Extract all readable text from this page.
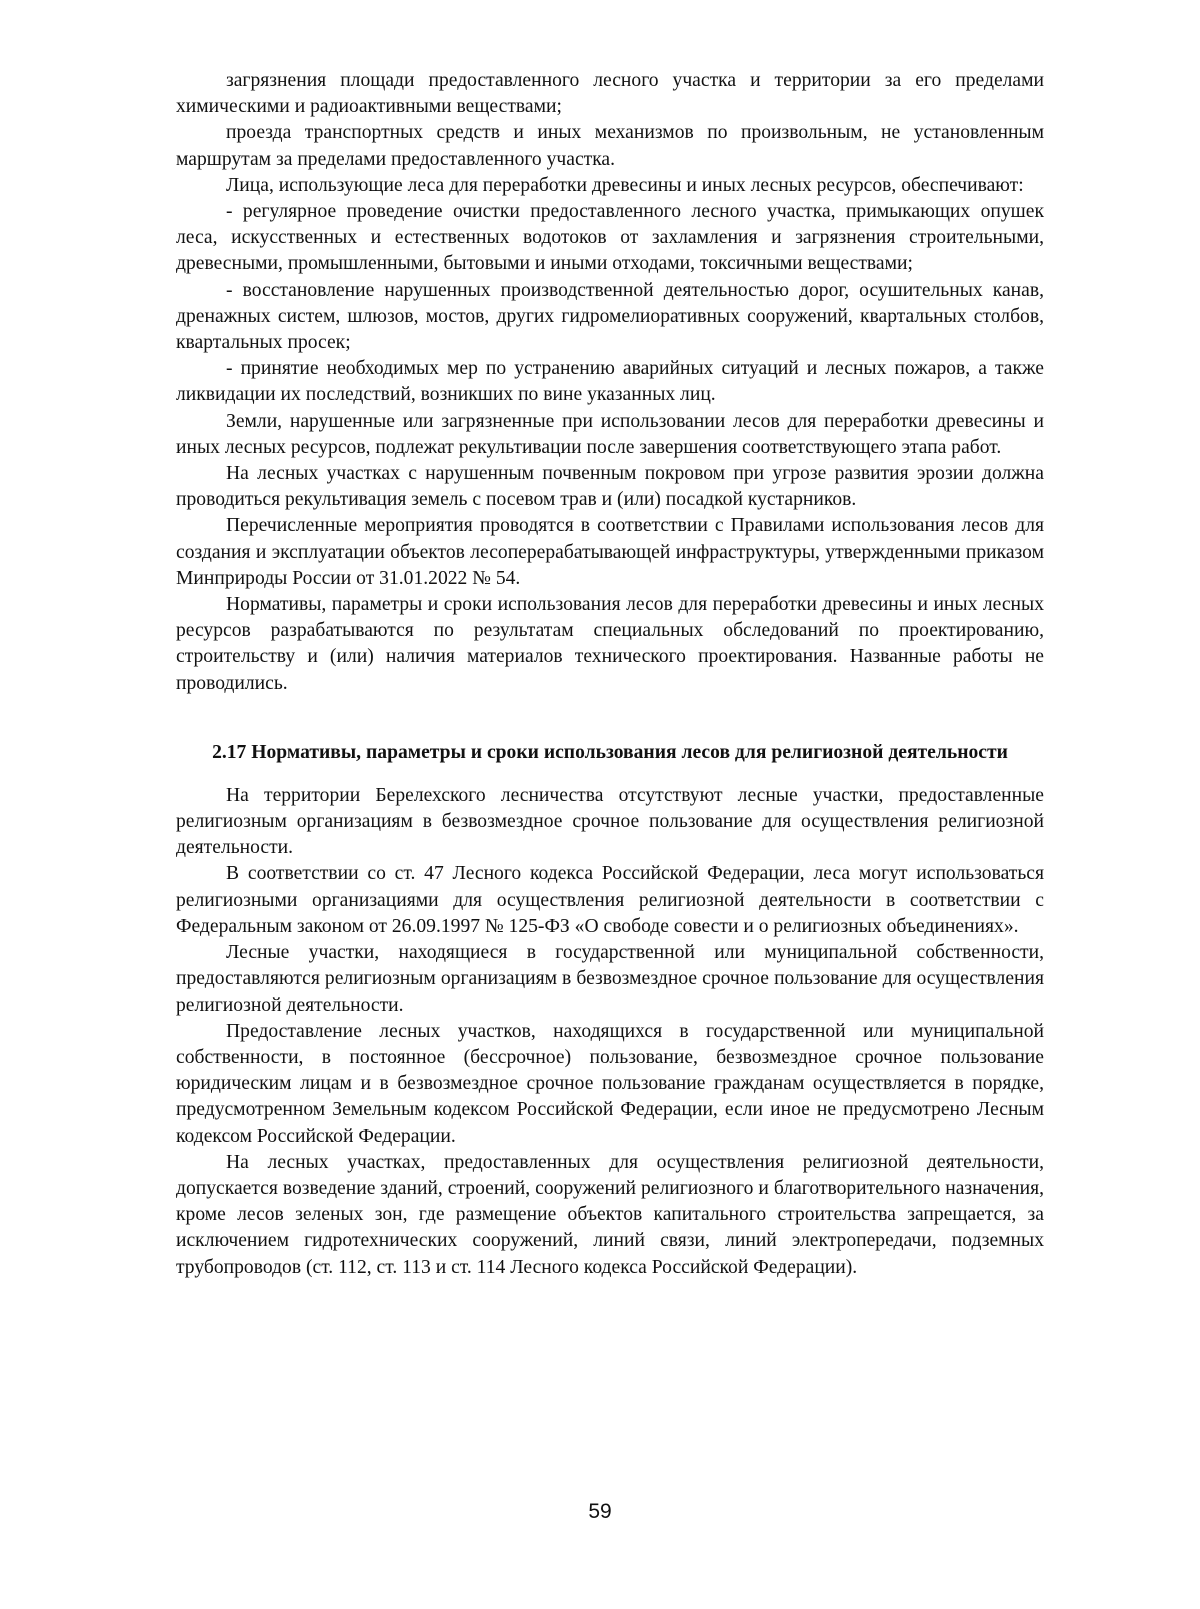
загрязнения площади предоставленного лесного участка и территории за его пределами химическими и радиоактивными веществами;

проезда транспортных средств и иных механизмов по произвольным, не установленным маршрутам за пределами предоставленного участка.

Лица, использующие леса для переработки древесины и иных лесных ресурсов, обеспечивают:

- регулярное проведение очистки предоставленного лесного участка, примыкающих опушек леса, искусственных и естественных водотоков от захламления и загрязнения строительными, древесными, промышленными, бытовыми и иными отходами, токсичными веществами;

- восстановление нарушенных производственной деятельностью дорог, осушительных канав, дренажных систем, шлюзов, мостов, других гидромелиоративных сооружений, квартальных столбов, квартальных просек;

- принятие необходимых мер по устранению аварийных ситуаций и лесных пожаров, а также ликвидации их последствий, возникших по вине указанных лиц.

Земли, нарушенные или загрязненные при использовании лесов для переработки древесины и иных лесных ресурсов, подлежат рекультивации после завершения соответствующего этапа работ.

На лесных участках с нарушенным почвенным покровом при угрозе развития эрозии должна проводиться рекультивация земель с посевом трав и (или) посадкой кустарников.

Перечисленные мероприятия проводятся в соответствии с Правилами использования лесов для создания и эксплуатации объектов лесоперерабатывающей инфраструктуры, утвержденными приказом Минприроды России от 31.01.2022 № 54.

Нормативы, параметры и сроки использования лесов для переработки древесины и иных лесных ресурсов разрабатываются по результатам специальных обследований по проектированию, строительству и (или) наличия материалов технического проектирования. Названные работы не проводились.

2.17 Нормативы, параметры и сроки использования лесов для религиозной деятельности

На территории Берелехского лесничества отсутствуют лесные участки, предоставленные религиозным организациям в безвозмездное срочное пользование для осуществления религиозной деятельности.

В соответствии со ст. 47 Лесного кодекса Российской Федерации, леса могут использоваться религиозными организациями для осуществления религиозной деятельности в соответствии с Федеральным законом от 26.09.1997 № 125-ФЗ «О свободе совести и о религиозных объединениях».

Лесные участки, находящиеся в государственной или муниципальной собственности, предоставляются религиозным организациям в безвозмездное срочное пользование для осуществления религиозной деятельности.

Предоставление лесных участков, находящихся в государственной или муниципальной собственности, в постоянное (бессрочное) пользование, безвозмездное срочное пользование юридическим лицам и в безвозмездное срочное пользование гражданам осуществляется в порядке, предусмотренном Земельным кодексом Российской Федерации, если иное не предусмотрено Лесным кодексом Российской Федерации.

На лесных участках, предоставленных для осуществления религиозной деятельности, допускается возведение зданий, строений, сооружений религиозного и благотворительного назначения, кроме лесов зеленых зон, где размещение объектов капитального строительства запрещается, за исключением гидротехнических сооружений, линий связи, линий электропередачи, подземных трубопроводов (ст. 112, ст. 113 и ст. 114 Лесного кодекса Российской Федерации).

59
